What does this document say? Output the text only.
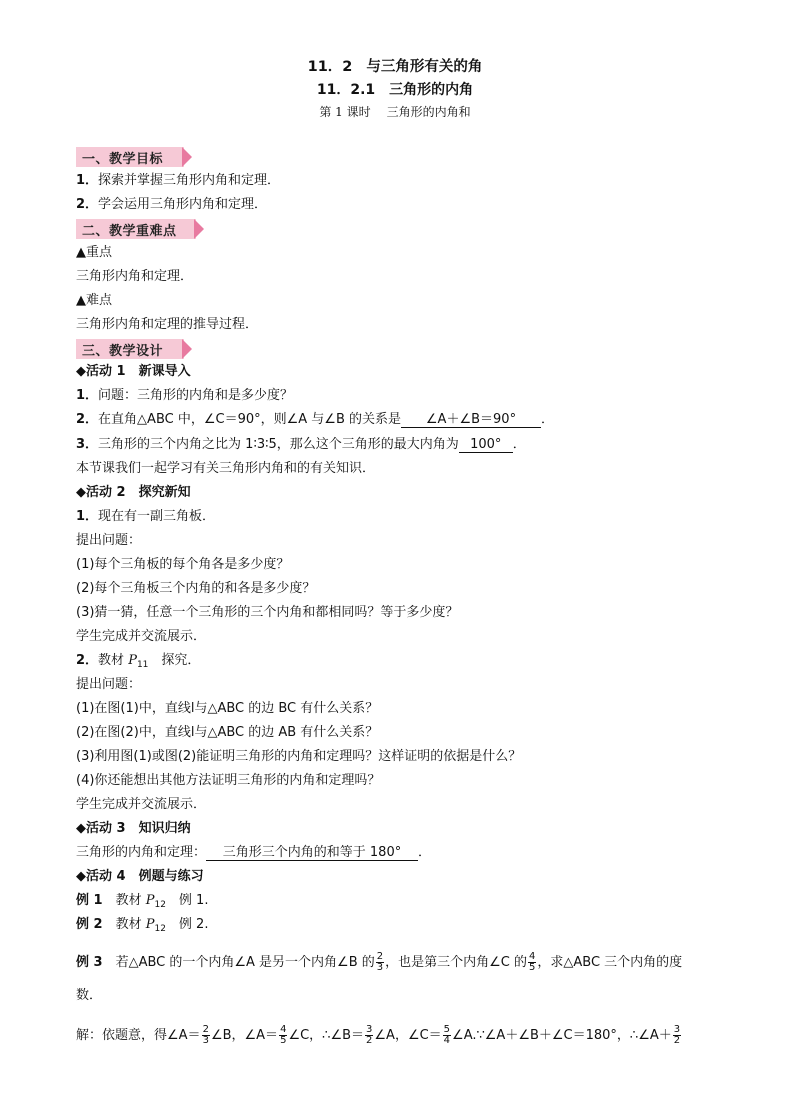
11．2 与三角形有关的角
11．2.1 三角形的内角
第 1 课时 三角形的内角和
一、教学目标
1．探索并掌握三角形内角和定理．
2．学会运用三角形内角和定理．
二、教学重难点
▲重点
三角形内角和定理．
▲难点
三角形内角和定理的推导过程．
三、教学设计
◆活动 1　新课导入
1．问题：三角形的内角和是多少度？
2．在直角△ABC 中，∠C＝90°，则∠A 与∠B 的关系是 ∠A＋∠B＝90° ．
3．三角形的三个内角之比为 1∶3∶5，那么这个三角形的最大内角为 100° ．
本节课我们一起学习有关三角形内角和的有关知识．
◆活动 2　探究新知
1．现在有一副三角板．
提出问题：
(1)每个三角板的每个角各是多少度？
(2)每个三角板三个内角的和各是多少度？
(3)猜一猜，任意一个三角形的三个内角和都相同吗？等于多少度？
学生完成并交流展示．
2．教材 $P_{11}$　探究．
提出问题：
(1)在图(1)中，直线l与△ABC 的边 BC 有什么关系？
(2)在图(2)中，直线l与△ABC 的边 AB 有什么关系？
(3)利用图(1)或图(2)能证明三角形的内角和定理吗？这样证明的依据是什么？
(4)你还能想出其他方法证明三角形的内角和定理吗？
学生完成并交流展示．
◆活动 3　知识归纳
三角形的内角和定理： 三角形三个内角的和等于 180° ．
◆活动 4　例题与练习
例 1　教材 $P_{12}$　例 1.
例 2　教材 $P_{12}$　例 2.
例 3　若△ABC 的一个内角∠A 是另一个内角∠B 的 $\frac{2}{3}$ ，也是第三个内角∠C 的 $\frac{4}{5}$ ，求△ABC 三个内角的度
数．
解：依题意，得∠A＝ $\frac{2}{3}$ ∠B，∠A＝ $\frac{4}{5}$ ∠C，∴∠B＝ $\frac{3}{2}$ ∠A，∠C＝ $\frac{5}{4}$ ∠A.∵∠A＋∠B＋∠C＝180°，∴∠A＋ $\frac{3}{2}$
